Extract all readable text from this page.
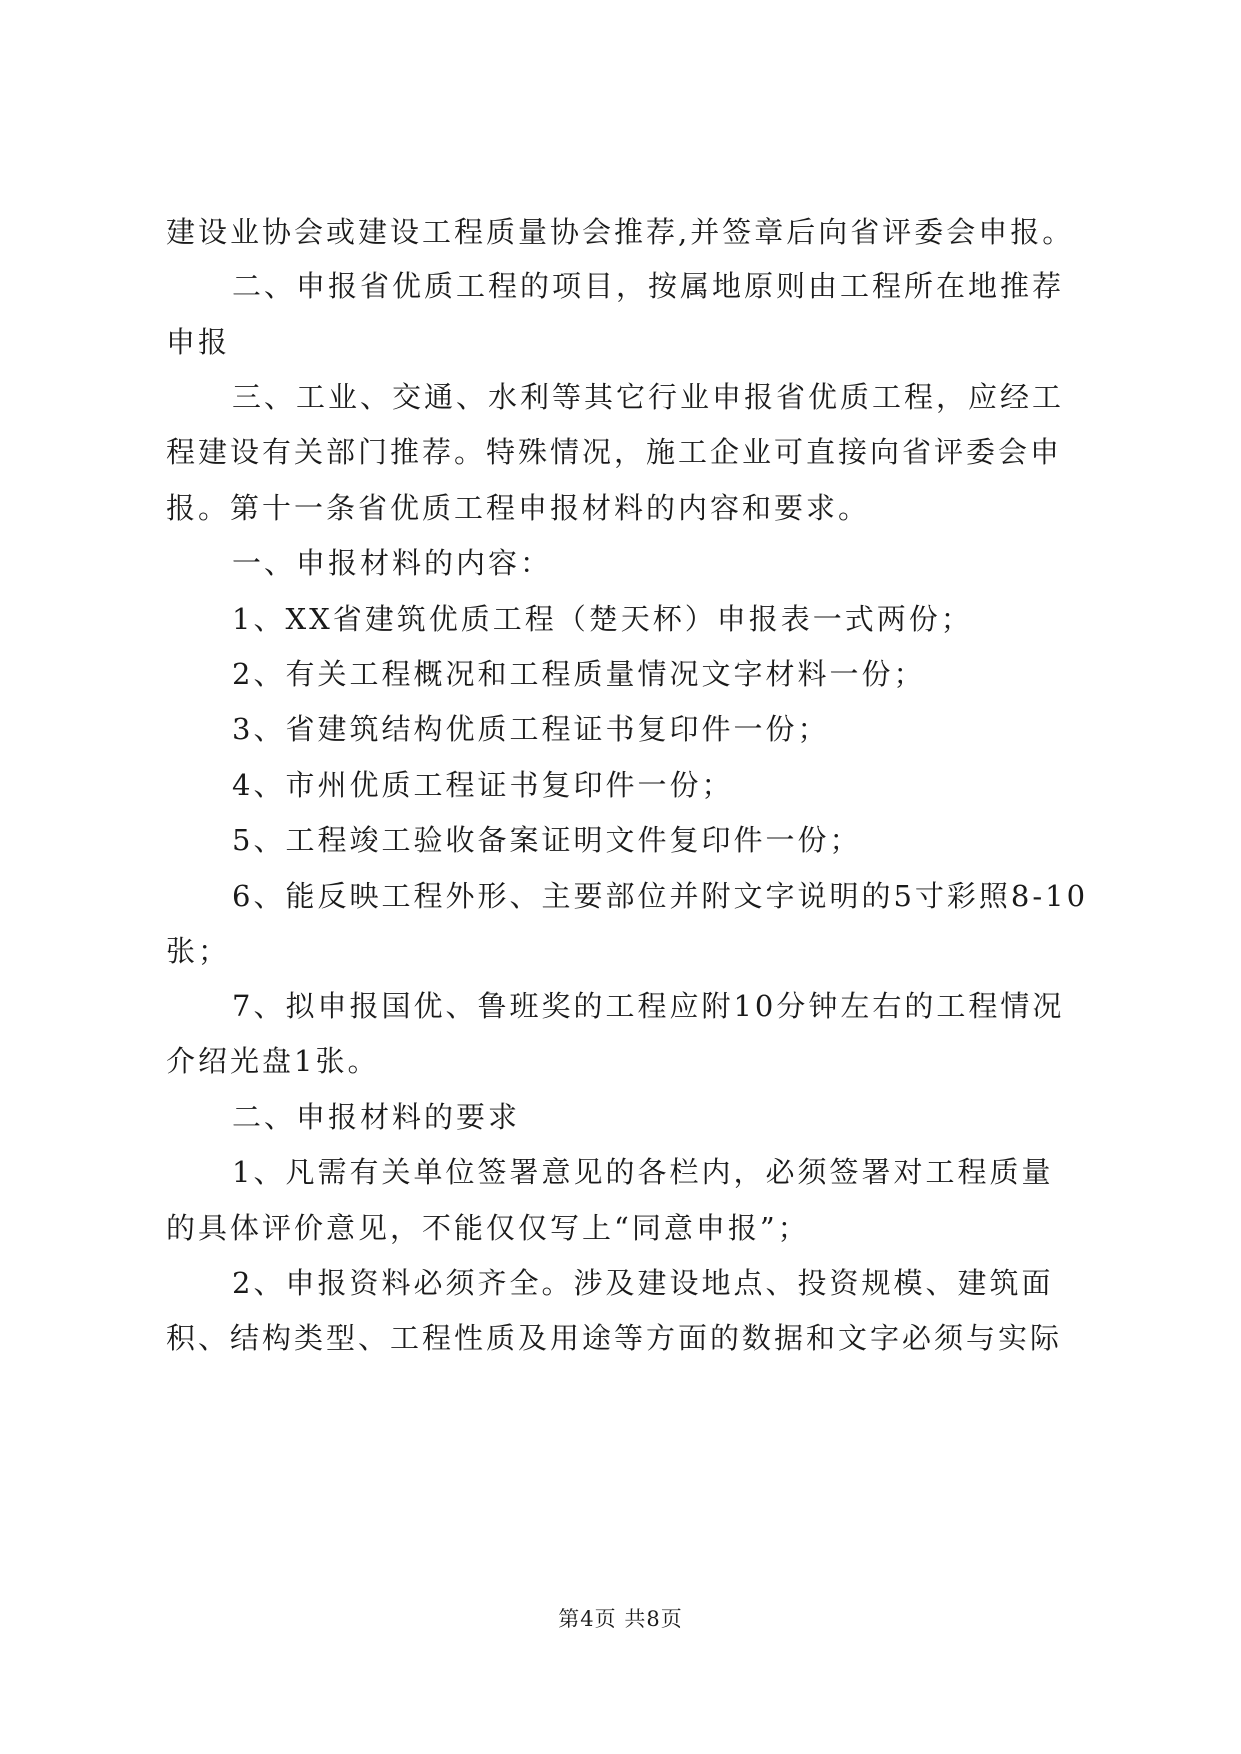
建设业协会或建设工程质量协会推荐,并签章后向省评委会申报。
二、申报省优质工程的项目，按属地原则由工程所在地推荐
申报
三、工业、交通、水利等其它行业申报省优质工程，应经工
程建设有关部门推荐。特殊情况，施工企业可直接向省评委会申
报。第十一条省优质工程申报材料的内容和要求。
一、申报材料的内容：
1、XX省建筑优质工程（楚天杯）申报表一式两份；
2、有关工程概况和工程质量情况文字材料一份；
3、省建筑结构优质工程证书复印件一份；
4、市州优质工程证书复印件一份；
5、工程竣工验收备案证明文件复印件一份；
6、能反映工程外形、主要部位并附文字说明的5寸彩照8-10
张；
7、拟申报国优、鲁班奖的工程应附10分钟左右的工程情况
介绍光盘1张。
二、申报材料的要求
1、凡需有关单位签署意见的各栏内，必须签署对工程质量
的具体评价意见，不能仅仅写上“同意申报”；
2、申报资料必须齐全。涉及建设地点、投资规模、建筑面
积、结构类型、工程性质及用途等方面的数据和文字必须与实际
第4页 共8页
